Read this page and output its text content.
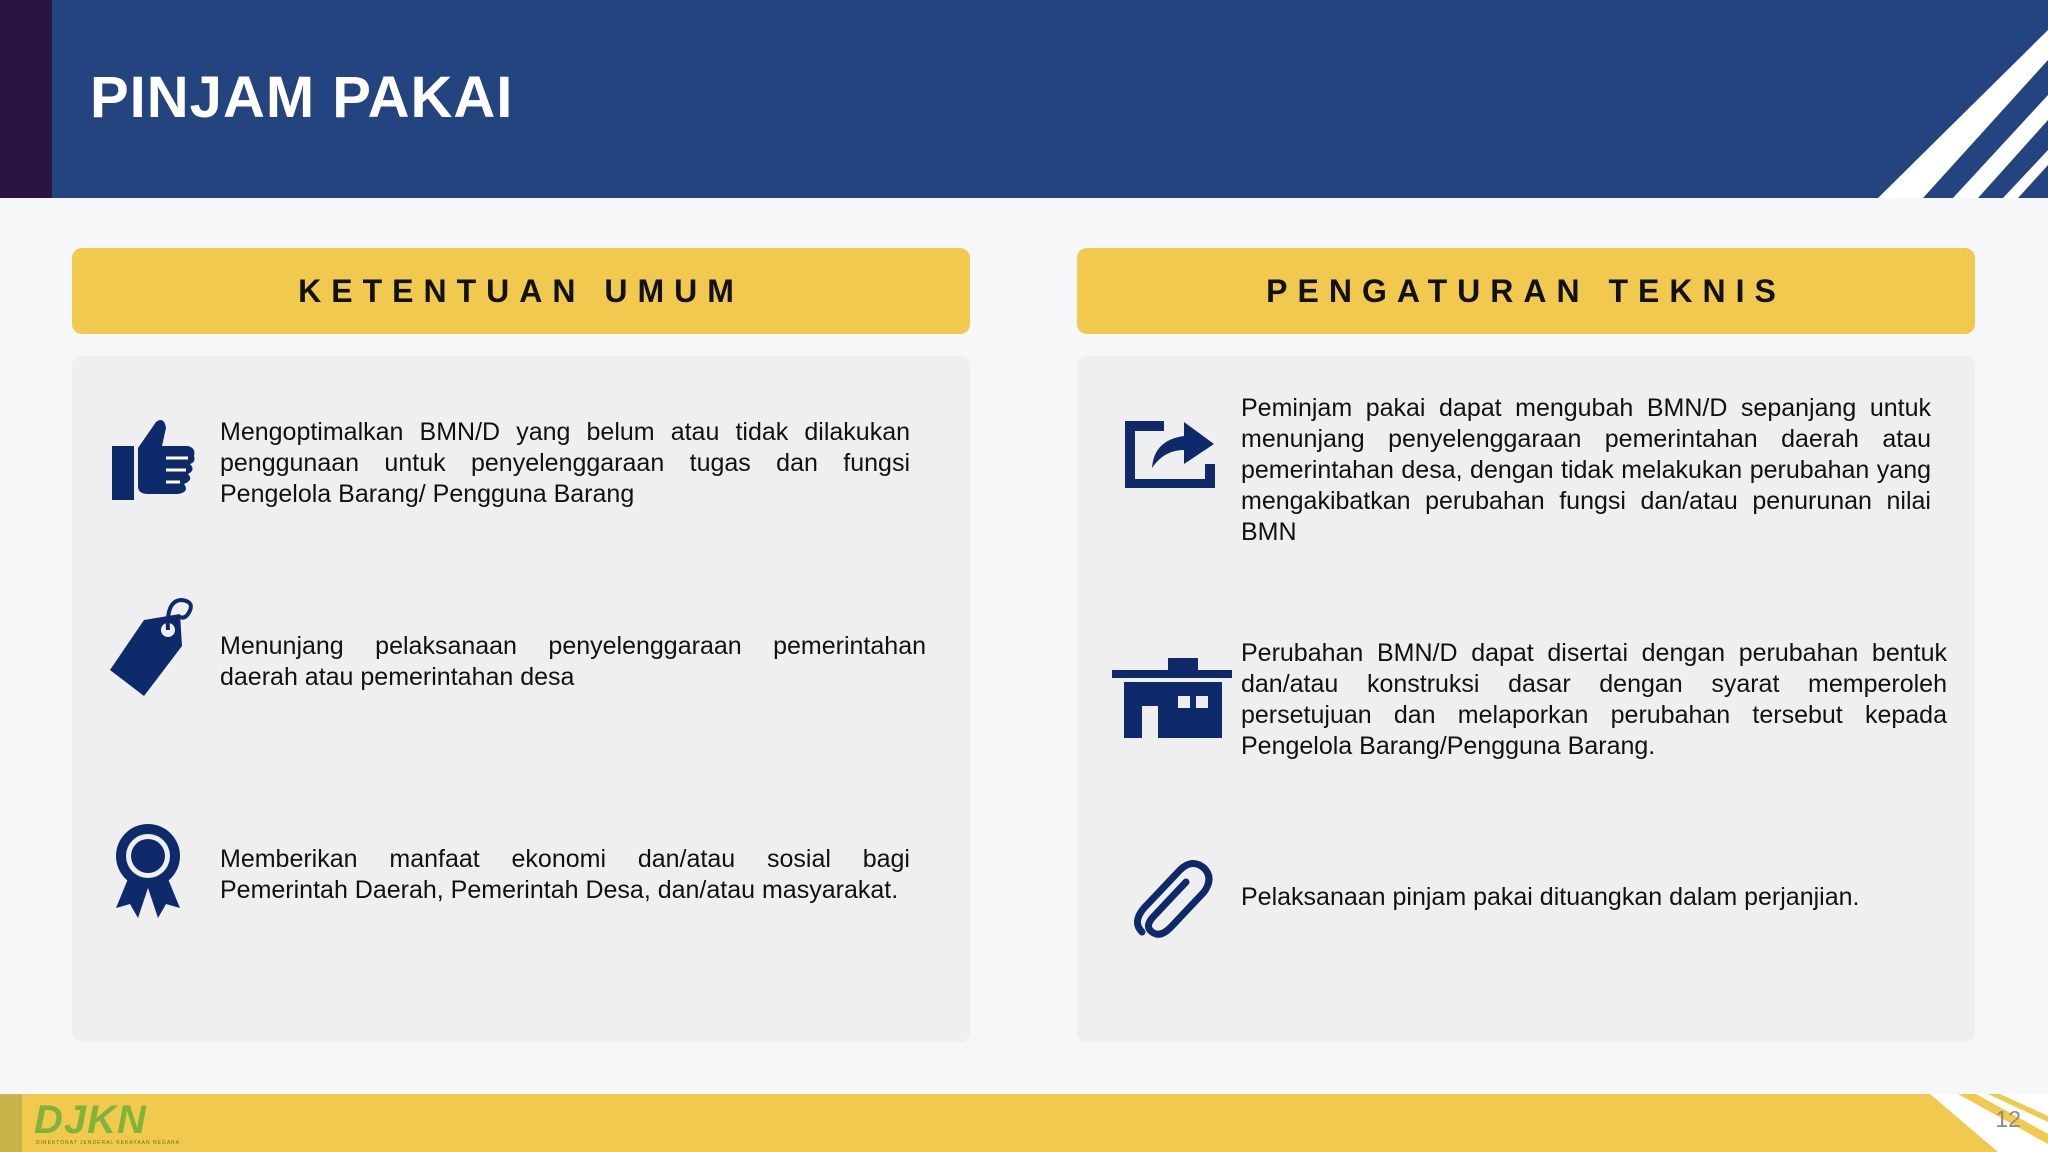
PINJAM PAKAI
KETENTUAN UMUM
Mengoptimalkan BMN/D yang belum atau tidak dilakukan penggunaan untuk penyelenggaraan tugas dan fungsi Pengelola Barang/ Pengguna Barang
Menunjang pelaksanaan penyelenggaraan pemerintahan daerah atau pemerintahan desa
Memberikan manfaat ekonomi dan/atau sosial bagi Pemerintah Daerah, Pemerintah Desa, dan/atau masyarakat.
PENGATURAN TEKNIS
Peminjam pakai dapat mengubah BMN/D sepanjang untuk menunjang penyelenggaraan pemerintahan daerah atau pemerintahan desa, dengan tidak melakukan perubahan yang mengakibatkan perubahan fungsi dan/atau penurunan nilai BMN
Perubahan BMN/D dapat disertai dengan perubahan bentuk dan/atau konstruksi dasar dengan syarat memperoleh persetujuan dan melaporkan perubahan tersebut kepada Pengelola Barang/Pengguna Barang.
Pelaksanaan pinjam pakai dituangkan dalam perjanjian.
DJKN
DIREKTORAT JENDERAL KEKAYAAN NEGARA
12
